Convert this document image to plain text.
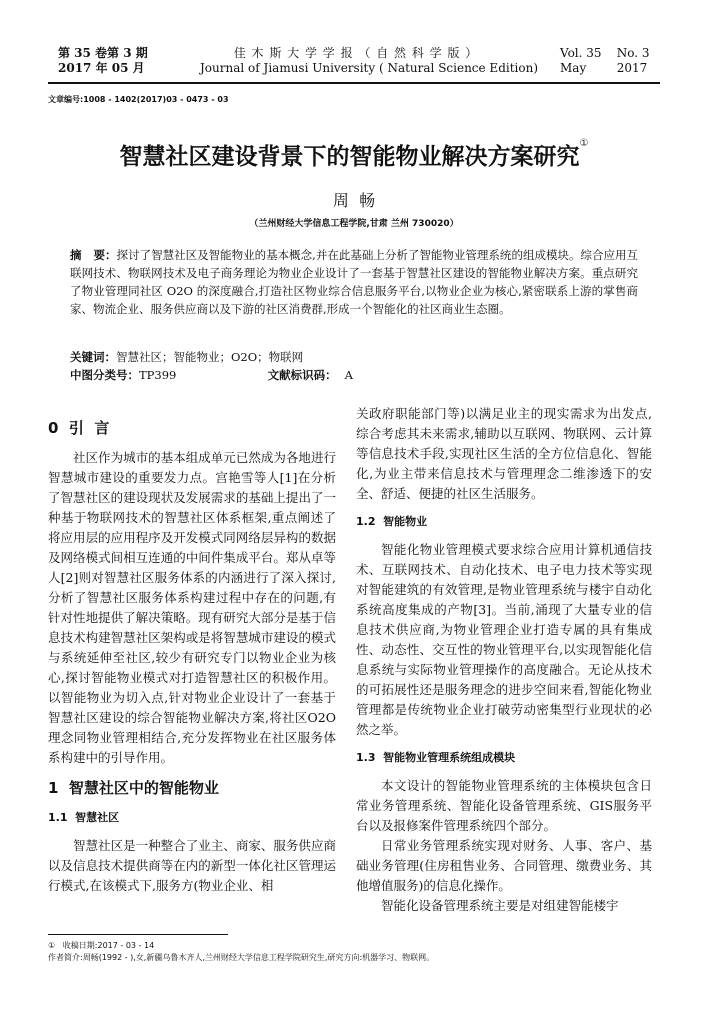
第 35 卷第 3 期
2017 年 05 月
佳 木 斯 大 学 学 报 （ 自 然 科 学 版 ）
Journal of Jiamusi University ( Natural Science Edition)
Vol. 35    No. 3
May        2017
文章编号:1008 - 1402(2017)03 - 0473 - 03
智慧社区建设背景下的智能物业解决方案研究①
周  畅
（兰州财经大学信息工程学院,甘肃 兰州 730020）
摘   要：探讨了智慧社区及智能物业的基本概念,并在此基础上分析了智能物业管理系统的组成模块。综合应用互联网技术、物联网技术及电子商务理论为物业企业设计了一套基于智慧社区建设的智能物业解决方案。重点研究了物业管理同社区 O2O 的深度融合,打造社区物业综合信息服务平台,以物业企业为核心,紧密联系上游的掌售商家、物流企业、服务供应商以及下游的社区消费群,形成一个智能化的社区商业生态圈。
关键词：智慧社区；智能物业；O2O；物联网
中图分类号：TP399	文献标识码： A
0  引  言

社区作为城市的基本组成单元已然成为各地进行智慧城市建设的重要发力点。宫艳雪等人[1]在分析了智慧社区的建设现状及发展需求的基础上提出了一种基于物联网技术的智慧社区体系框架,重点阐述了将应用层的应用程序及开发模式同网络层异构的数据及网络模式间相互连通的中间件集成平台。郑从卓等人[2]则对智慧社区服务体系的内涵进行了深入探讨,分析了智慧社区服务体系构建过程中存在的问题,有针对性地提供了解决策略。现有研究大部分是基于信息技术构建智慧社区架构或是将智慧城市建设的模式与系统延伸至社区,较少有研究专门以物业企业为核心,探讨智能物业模式对打造智慧社区的积极作用。以智能物业为切入点,针对物业企业设计了一套基于智慧社区建设的综合智能物业解决方案,将社区O2O 理念同物业管理相结合,充分发挥物业在社区服务体系构建中的引导作用。

1  智慧社区中的智能物业
1.1  智慧社区

智慧社区是一种整合了业主、商家、服务供应商以及信息技术提供商等在内的新型一体化社区管理运行模式,在该模式下,服务方(物业企业、相

关政府职能部门等)以满足业主的现实需求为出发点,综合考虑其未来需求,辅助以互联网、物联网、云计算等信息技术手段,实现社区生活的全方位信息化、智能化,为业主带来信息技术与管理理念二维渗透下的安全、舒适、便捷的社区生活服务。

1.2  智能物业

智能化物业管理模式要求综合应用计算机通信技术、互联网技术、自动化技术、电子电力技术等实现对智能建筑的有效管理,是物业管理系统与楼宇自动化系统高度集成的产物[3]。当前,涌现了大量专业的信息技术供应商,为物业管理企业打造专属的具有集成性、动态性、交互性的物业管理平台,以实现智能化信息系统与实际物业管理操作的高度融合。无论从技术的可拓展性还是服务理念的进步空间来看,智能化物业管理都是传统物业企业打破劳动密集型行业现状的必然之举。

1.3  智能物业管理系统组成模块

本文设计的智能物业管理系统的主体模块包含日常业务管理系统、智能化设备管理系统、GIS服务平台以及报修案件管理系统四个部分。

日常业务管理系统实现对财务、人事、客户、基础业务管理(住房租售业务、合同管理、缴费业务、其他增值服务)的信息化操作。

智能化设备管理系统主要是对组建智能楼宇

①   收稿日期:2017 - 03 - 14
作者简介:周畅(1992 - ),女,新疆乌鲁木齐人,兰州财经大学信息工程学院研究生,研究方向:机器学习、物联网。
